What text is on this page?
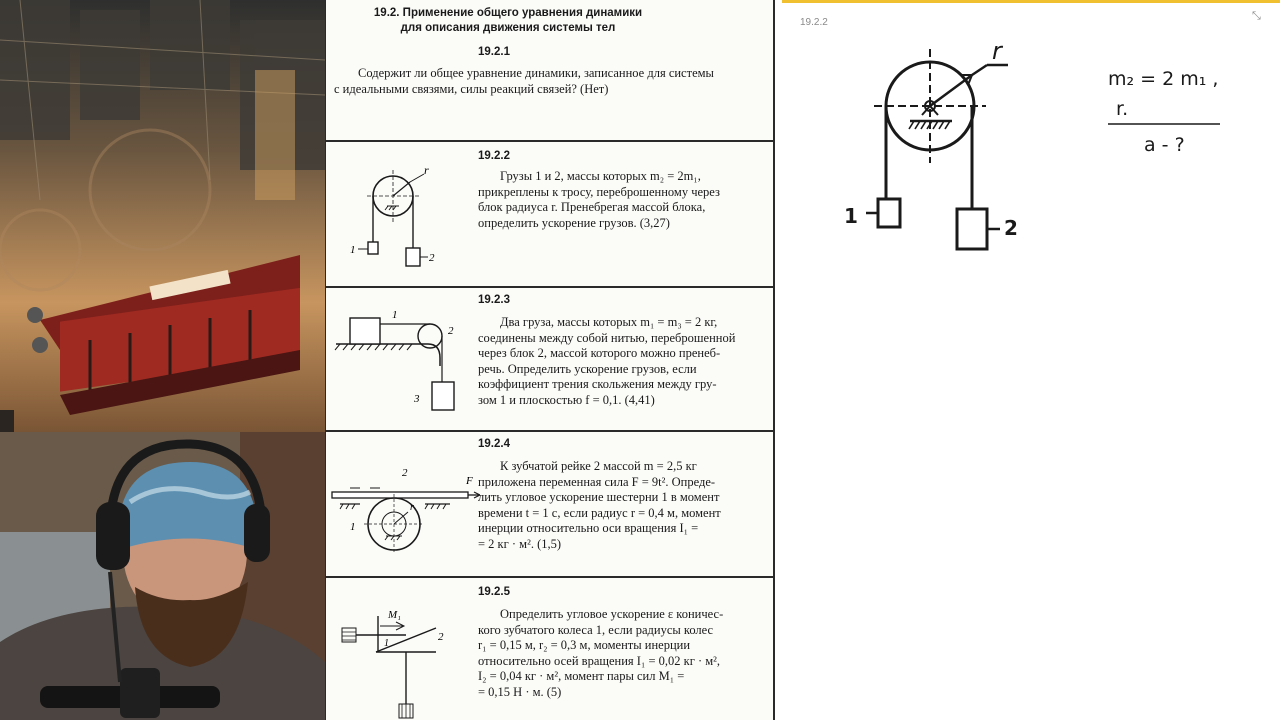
19.2. Применение общего уравнения динамики
для описания движения системы тел
19.2.1

Содержит ли общее уравнение динамики, записанное для системы

с идеальными связями, силы реакций связей? (Нет)

r
1
2
19.2.2

Грузы 1 и 2, массы которых m₂ = 2m₁,

прикреплены к тросу, переброшенному через

блок радиуса r. Пренебрегая массой блока,

определить ускорение грузов. (3,27)

1
2
3
19.2.3

Два груза, массы которых m₁ = m₃ = 2 кг,

соединены между собой нитью, переброшенной

через блок 2, массой которого можно пренеб-

речь. Определить ускорение грузов, если

коэффициент трения скольжения между гру-

зом 1 и плоскостью f = 0,1. (4,41)

2
F
1
r
19.2.4

К зубчатой рейке 2 массой m = 2,5 кг

приложена переменная сила F = 9t². Опреде-

лить угловое ускорение шестерни 1 в момент

времени t = 1 с, если радиус r = 0,4 м, момент

инерции относительно оси вращения I₁ =

= 2 кг · м². (1,5)

M₁
1
2
19.2.5

Определить угловое ускорение ε коничес-

кого зубчатого колеса 1, если радиусы колес

r₁ = 0,15 м, r₂ = 0,3 м, моменты инерции

относительно осей вращения I₁ = 0,02 кг · м²,

I₂ = 0,04 кг · м², момент пары сил M₁ =

= 0,15 Н · м. (5)

19.2.2
⤡
r
1	2
m₂ = 2 m₁ ,
r.
a - ?
